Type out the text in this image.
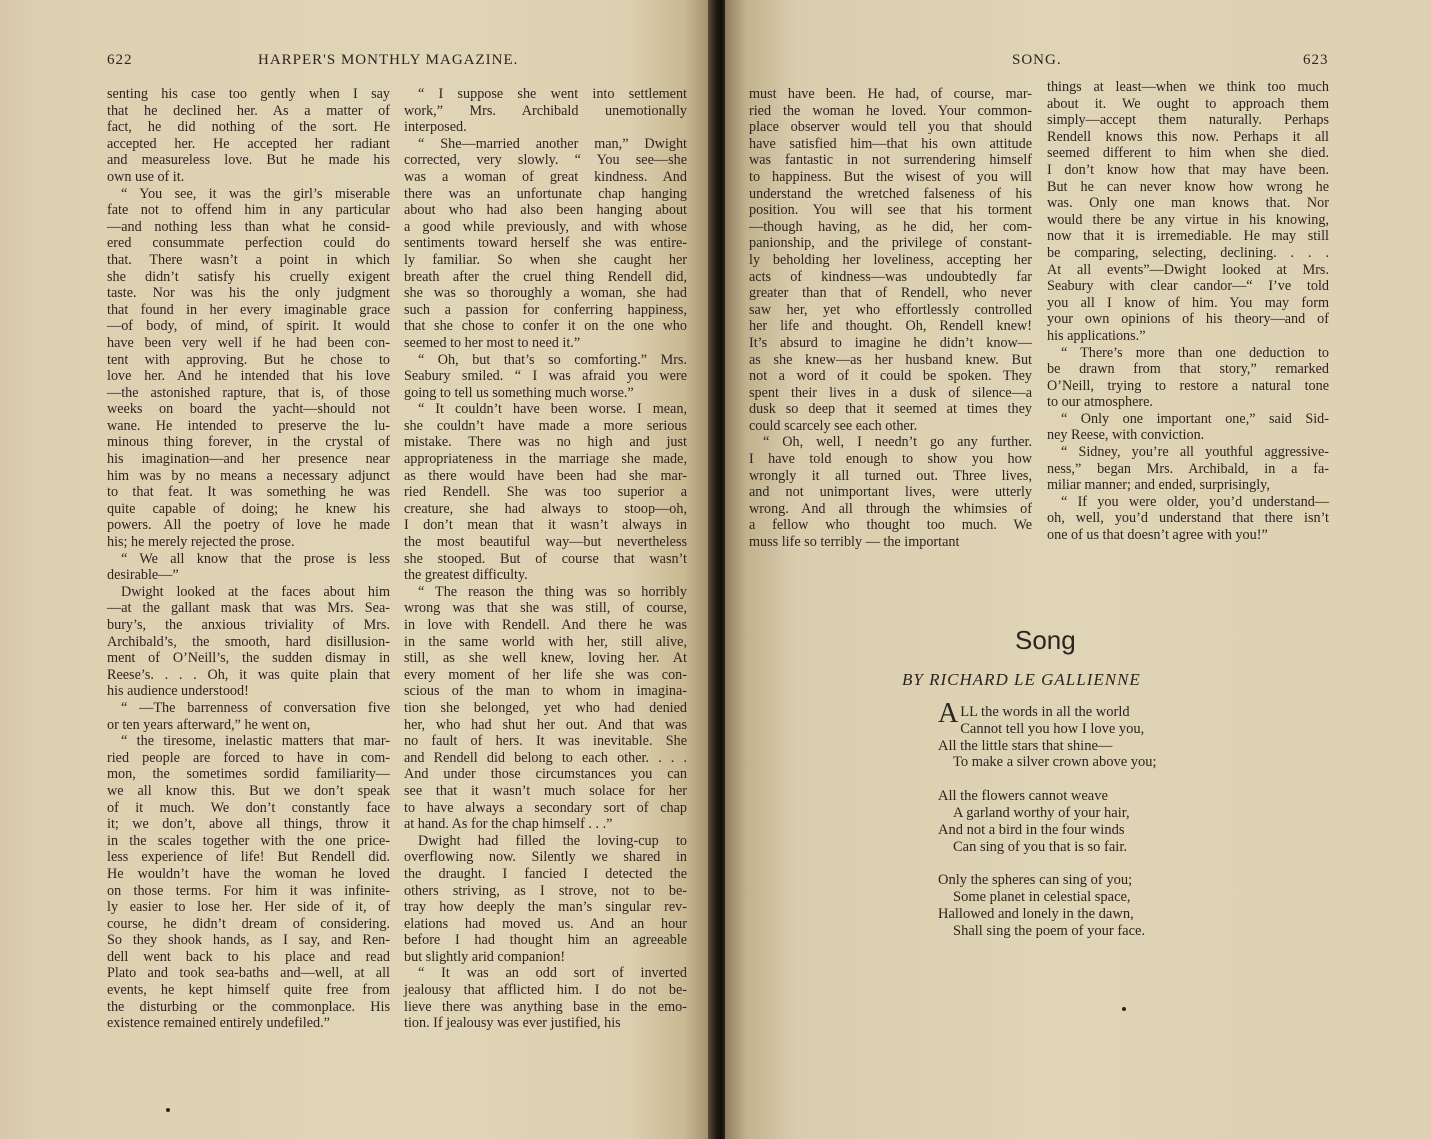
622	HARPER'S MONTHLY MAGAZINE.
senting his case too gently when I say
that he declined her. As a matter of
fact, he did nothing of the sort. He
accepted her. He accepted her radiant
and measureless love. But he made his
own use of it.
“ You see, it was the girl’s miserable
fate not to offend him in any particular
—and nothing less than what he consid-
ered consummate perfection could do
that. There wasn’t a point in which
she didn’t satisfy his cruelly exigent
taste. Nor was his the only judgment
that found in her every imaginable grace
—of body, of mind, of spirit. It would
have been very well if he had been con-
tent with approving. But he chose to
love her. And he intended that his love
—the astonished rapture, that is, of those
weeks on board the yacht—should not
wane. He intended to preserve the lu-
minous thing forever, in the crystal of
his imagination—and her presence near
him was by no means a necessary adjunct
to that feat. It was something he was
quite capable of doing; he knew his
powers. All the poetry of love he made
his; he merely rejected the prose.
“ We all know that the prose is less
desirable—”
Dwight looked at the faces about him
—at the gallant mask that was Mrs. Sea-
bury’s, the anxious triviality of Mrs.
Archibald’s, the smooth, hard disillusion-
ment of O’Neill’s, the sudden dismay in
Reese’s. . . . Oh, it was quite plain that
his audience understood!
“ —The barrenness of conversation five
or ten years afterward,” he went on,
“ the tiresome, inelastic matters that mar-
ried people are forced to have in com-
mon, the sometimes sordid familiarity—
we all know this. But we don’t speak
of it much. We don’t constantly face
it; we don’t, above all things, throw it
in the scales together with the one price-
less experience of life! But Rendell did.
He wouldn’t have the woman he loved
on those terms. For him it was infinite-
ly easier to lose her. Her side of it, of
course, he didn’t dream of considering.
So they shook hands, as I say, and Ren-
dell went back to his place and read
Plato and took sea-baths and—well, at all
events, he kept himself quite free from
the disturbing or the commonplace. His
existence remained entirely undefiled.”
“ I suppose she went into settlement
work,” Mrs. Archibald unemotionally
interposed.
“ She—married another man,” Dwight
corrected, very slowly. “ You see—she
was a woman of great kindness. And
there was an unfortunate chap hanging
about who had also been hanging about
a good while previously, and with whose
sentiments toward herself she was entire-
ly familiar. So when she caught her
breath after the cruel thing Rendell did,
she was so thoroughly a woman, she had
such a passion for conferring happiness,
that she chose to confer it on the one who
seemed to her most to need it.”
“ Oh, but that’s so comforting.” Mrs.
Seabury smiled. “ I was afraid you were
going to tell us something much worse.”
“ It couldn’t have been worse. I mean,
she couldn’t have made a more serious
mistake. There was no high and just
appropriateness in the marriage she made,
as there would have been had she mar-
ried Rendell. She was too superior a
creature, she had always to stoop—oh,
I don’t mean that it wasn’t always in
the most beautiful way—but nevertheless
she stooped. But of course that wasn’t
the greatest difficulty.
“ The reason the thing was so horribly
wrong was that she was still, of course,
in love with Rendell. And there he was
in the same world with her, still alive,
still, as she well knew, loving her. At
every moment of her life she was con-
scious of the man to whom in imagina-
tion she belonged, yet who had denied
her, who had shut her out. And that was
no fault of hers. It was inevitable. She
and Rendell did belong to each other. . . .
And under those circumstances you can
see that it wasn’t much solace for her
to have always a secondary sort of chap
at hand. As for the chap himself . . .”
Dwight had filled the loving-cup to
overflowing now. Silently we shared in
the draught. I fancied I detected the
others striving, as I strove, not to be-
tray how deeply the man’s singular rev-
elations had moved us. And an hour
before I had thought him an agreeable
but slightly arid companion!
“ It was an odd sort of inverted
jealousy that afflicted him. I do not be-
lieve there was anything base in the emo-
tion. If jealousy was ever justified, his
SONG.	623
must have been. He had, of course, mar-
ried the woman he loved. Your common-
place observer would tell you that should
have satisfied him—that his own attitude
was fantastic in not surrendering himself
to happiness. But the wisest of you will
understand the wretched falseness of his
position. You will see that his torment
—though having, as he did, her com-
panionship, and the privilege of constant-
ly beholding her loveliness, accepting her
acts of kindness—was undoubtedly far
greater than that of Rendell, who never
saw her, yet who effortlessly controlled
her life and thought. Oh, Rendell knew!
It’s absurd to imagine he didn’t know—
as she knew—as her husband knew. But
not a word of it could be spoken. They
spent their lives in a dusk of silence—a
dusk so deep that it seemed at times they
could scarcely see each other.
“ Oh, well, I needn’t go any further.
I have told enough to show you how
wrongly it all turned out. Three lives,
and not unimportant lives, were utterly
wrong. And all through the whimsies of
a fellow who thought too much. We
muss life so terribly — the important
things at least—when we think too much
about it. We ought to approach them
simply—accept them naturally. Perhaps
Rendell knows this now. Perhaps it all
seemed different to him when she died.
I don’t know how that may have been.
But he can never know how wrong he
was. Only one man knows that. Nor
would there be any virtue in his knowing,
now that it is irremediable. He may still
be comparing, selecting, declining. . . .
At all events”—Dwight looked at Mrs.
Seabury with clear candor—“ I’ve told
you all I know of him. You may form
your own opinions of his theory—and of
his applications.”
“ There’s more than one deduction to
be drawn from that story,” remarked
O’Neill, trying to restore a natural tone
to our atmosphere.
“ Only one important one,” said Sid-
ney Reese, with conviction.
“ Sidney, you’re all youthful aggressive-
ness,” began Mrs. Archibald, in a fa-
miliar manner; and ended, surprisingly,
“ If you were older, you’d understand—
oh, well, you’d understand that there isn’t
one of us that doesn’t agree with you!”
Song
BY RICHARD LE GALLIENNE
A LL the words in all the world
Cannot tell you how I love you,
All the little stars that shine—
To make a silver crown above you;
All the flowers cannot weave
A garland worthy of your hair,
And not a bird in the four winds
Can sing of you that is so fair.
Only the spheres can sing of you;
Some planet in celestial space,
Hallowed and lonely in the dawn,
Shall sing the poem of your face.
